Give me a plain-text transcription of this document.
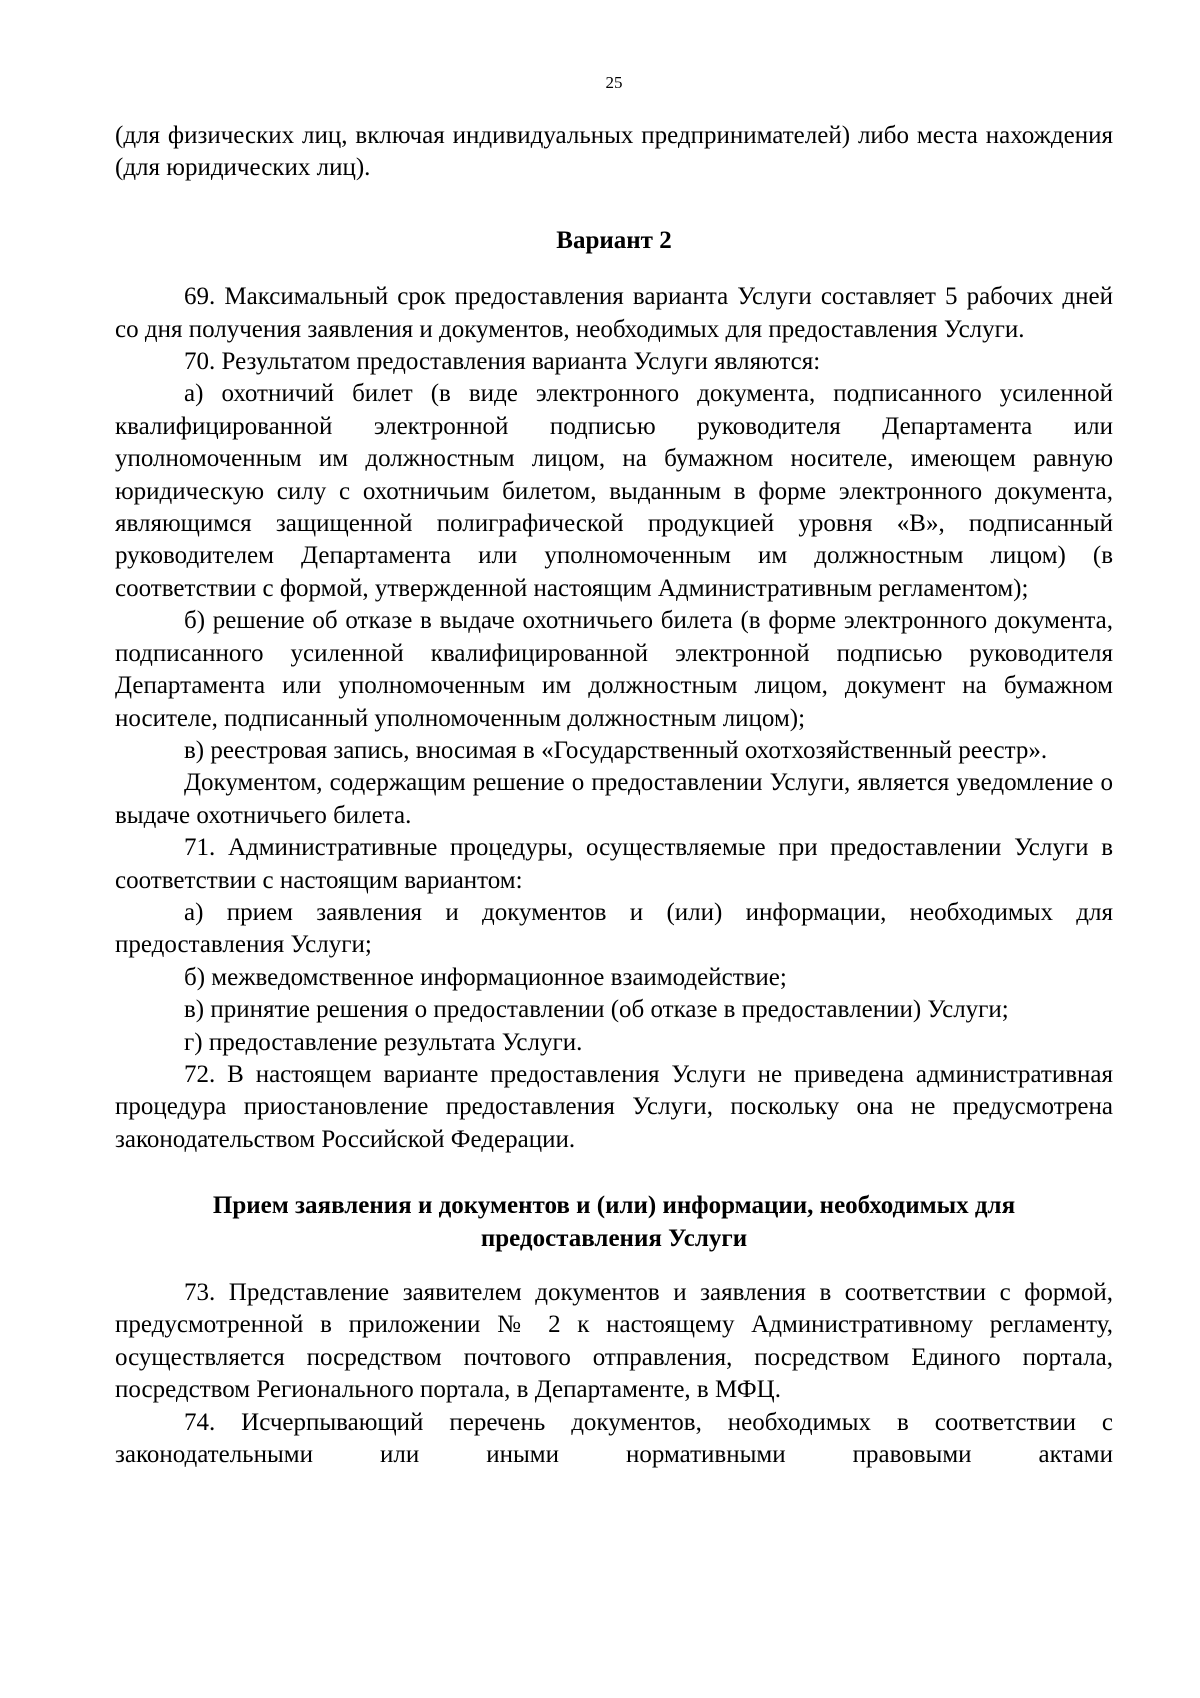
25

(для физических лиц, включая индивидуальных предпринимателей) либо места нахождения (для юридических лиц).

Вариант 2

69. Максимальный срок предоставления варианта Услуги составляет 5 рабочих дней со дня получения заявления и документов, необходимых для предоставления Услуги.

70. Результатом предоставления варианта Услуги являются:

а) охотничий билет (в виде электронного документа, подписанного усиленной квалифицированной электронной подписью руководителя Департамента или уполномоченным им должностным лицом, на бумажном носителе, имеющем равную юридическую силу с охотничьим билетом, выданным в форме электронного документа, являющимся защищенной полиграфической продукцией уровня «В», подписанный руководителем Департамента или уполномоченным им должностным лицом) (в соответствии с формой, утвержденной настоящим Административным регламентом);

б) решение об отказе в выдаче охотничьего билета (в форме электронного документа, подписанного усиленной квалифицированной электронной подписью руководителя Департамента или уполномоченным им должностным лицом, документ на бумажном носителе, подписанный уполномоченным должностным лицом);

в) реестровая запись, вносимая в «Государственный охотхозяйственный реестр».

Документом, содержащим решение о предоставлении Услуги, является уведомление о выдаче охотничьего билета.

71. Административные процедуры, осуществляемые при предоставлении Услуги в соответствии с настоящим вариантом:

а) прием заявления и документов и (или) информации, необходимых для предоставления Услуги;

б) межведомственное информационное взаимодействие;

в) принятие решения о предоставлении (об отказе в предоставлении) Услуги;

г) предоставление результата Услуги.

72. В настоящем варианте предоставления Услуги не приведена административная процедура приостановление предоставления Услуги, поскольку она не предусмотрена законодательством Российской Федерации.

Прием заявления и документов и (или) информации, необходимых для предоставления Услуги

73. Представление заявителем документов и заявления в соответствии с формой, предусмотренной в приложении № 2 к настоящему Административному регламенту, осуществляется посредством почтового отправления, посредством Единого портала, посредством Регионального портала, в Департаменте, в МФЦ.

74. Исчерпывающий перечень документов, необходимых в соответствии с законодательными или иными нормативными правовыми актами
